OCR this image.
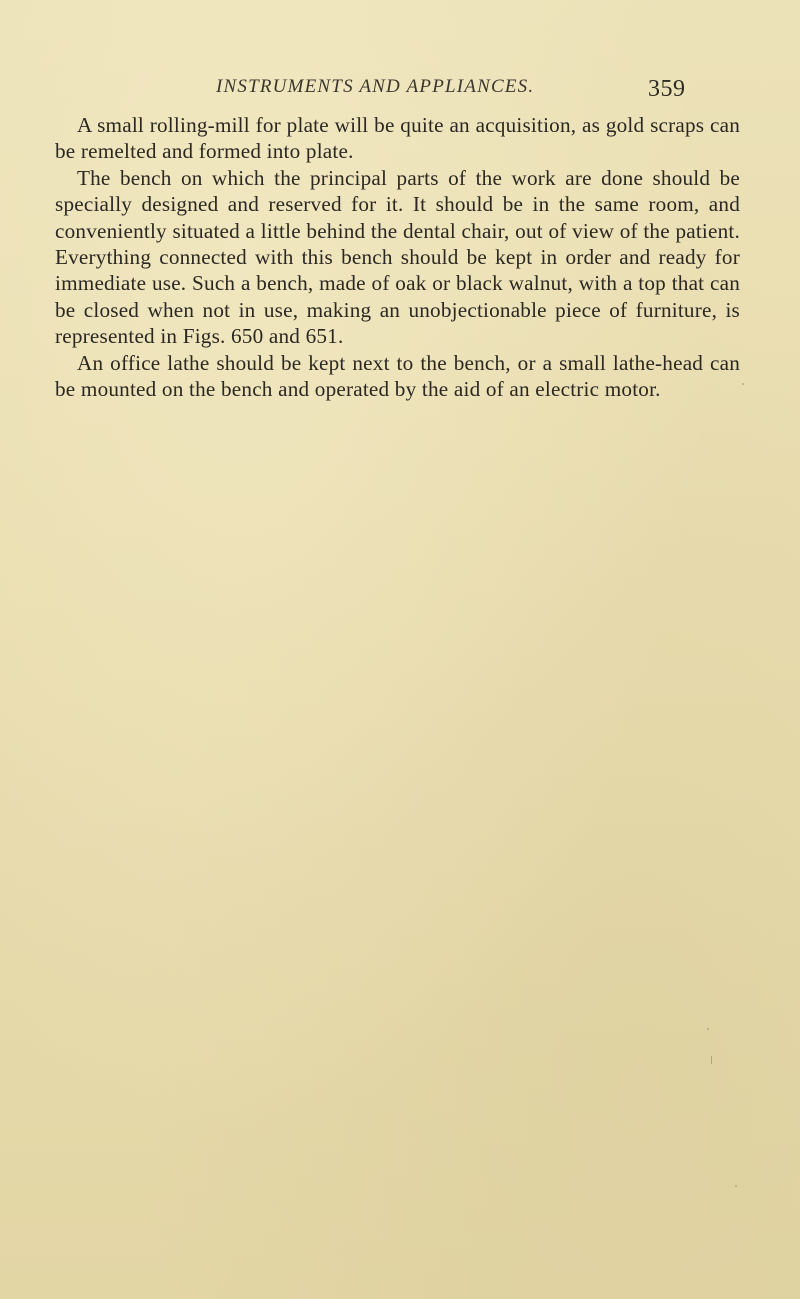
INSTRUMENTS AND APPLIANCES.	359

A small rolling-mill for plate will be quite an acquisition, as gold scraps can be remelted and formed into plate.

The bench on which the principal parts of the work are done should be specially designed and reserved for it. It should be in the same room, and conveniently situated a little behind the dental chair, out of view of the patient. Everything connected with this bench should be kept in order and ready for immediate use. Such a bench, made of oak or black walnut, with a top that can be closed when not in use, making an unobjectionable piece of furniture, is represented in Figs. 650 and 651.

An office lathe should be kept next to the bench, or a small lathe-head can be mounted on the bench and operated by the aid of an electric motor.
